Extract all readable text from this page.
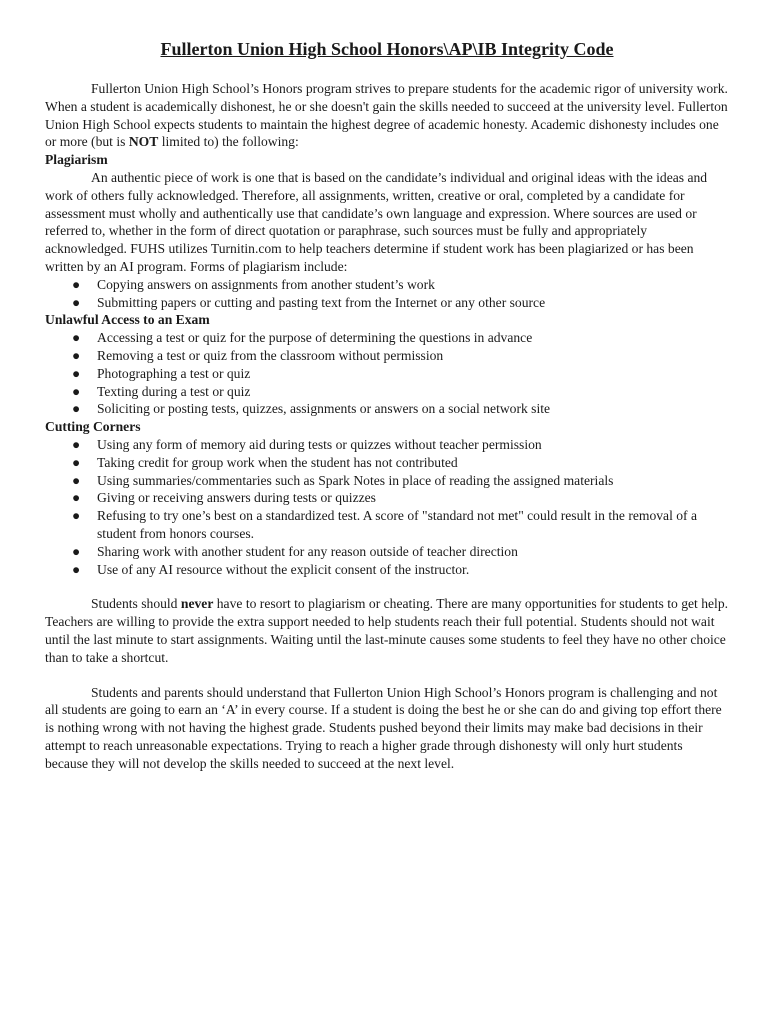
Fullerton Union High School Honors\AP\IB Integrity Code

Fullerton Union High School’s Honors program strives to prepare students for the academic rigor of university work. When a student is academically dishonest, he or she doesn't gain the skills needed to succeed at the university level. Fullerton Union High School expects students to maintain the highest degree of academic honesty. Academic dishonesty includes one or more (but is NOT limited to) the following:

Plagiarism

An authentic piece of work is one that is based on the candidate’s individual and original ideas with the ideas and work of others fully acknowledged. Therefore, all assignments, written, creative or oral, completed by a candidate for assessment must wholly and authentically use that candidate’s own language and expression. Where sources are used or referred to, whether in the form of direct quotation or paraphrase, such sources must be fully and appropriately acknowledged. FUHS utilizes Turnitin.com to help teachers determine if student work has been plagiarized or has been written by an AI program. Forms of plagiarism include:

● Copying answers on assignments from another student’s work
● Submitting papers or cutting and pasting text from the Internet or any other source

Unlawful Access to an Exam

● Accessing a test or quiz for the purpose of determining the questions in advance
● Removing a test or quiz from the classroom without permission
● Photographing a test or quiz
● Texting during a test or quiz
● Soliciting or posting tests, quizzes, assignments or answers on a social network site

Cutting Corners

● Using any form of memory aid during tests or quizzes without teacher permission
● Taking credit for group work when the student has not contributed
● Using summaries/commentaries such as Spark Notes in place of reading the assigned materials
● Giving or receiving answers during tests or quizzes
● Refusing to try one’s best on a standardized test. A score of "standard not met" could result in the removal of a student from honors courses.
● Sharing work with another student for any reason outside of teacher direction
● Use of any AI resource without the explicit consent of the instructor.

Students should never have to resort to plagiarism or cheating. There are many opportunities for students to get help. Teachers are willing to provide the extra support needed to help students reach their full potential. Students should not wait until the last minute to start assignments. Waiting until the last-minute causes some students to feel they have no other choice than to take a shortcut.

Students and parents should understand that Fullerton Union High School’s Honors program is challenging and not all students are going to earn an ‘A’ in every course. If a student is doing the best he or she can do and giving top effort there is nothing wrong with not having the highest grade. Students pushed beyond their limits may make bad decisions in their attempt to reach unreasonable expectations. Trying to reach a higher grade through dishonesty will only hurt students because they will not develop the skills needed to succeed at the next level.
